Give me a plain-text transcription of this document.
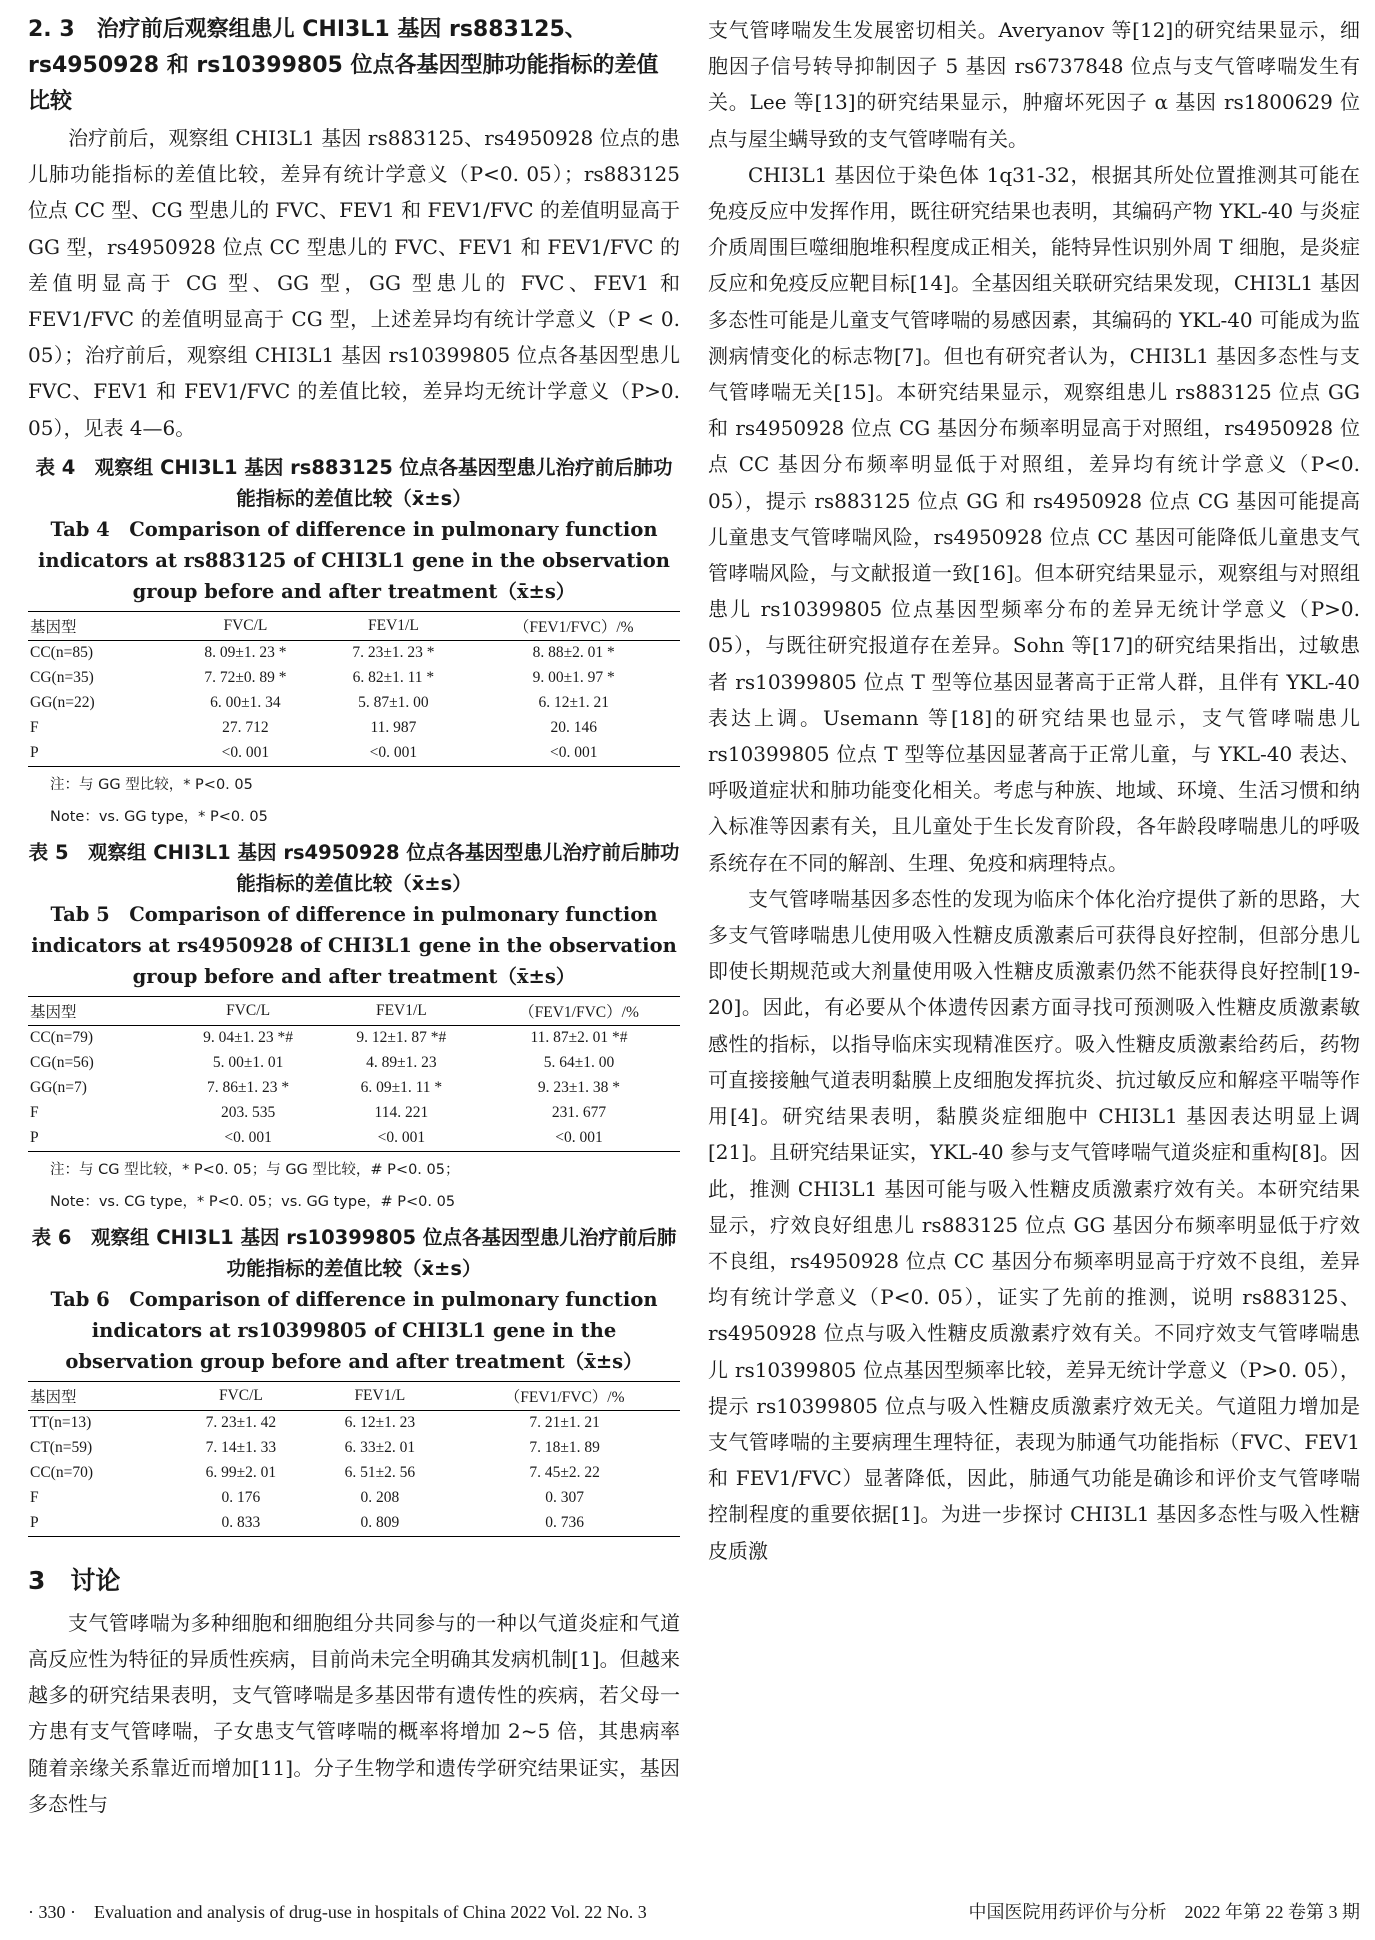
2. 3　治疗前后观察组患儿 CHI3L1 基因 rs883125、rs4950928 和 rs10399805 位点各基因型肺功能指标的差值比较

治疗前后，观察组 CHI3L1 基因 rs883125、rs4950928 位点的患儿肺功能指标的差值比较，差异有统计学意义（P<0. 05）；rs883125 位点 CC 型、CG 型患儿的 FVC、FEV1 和 FEV1/FVC 的差值明显高于 GG 型，rs4950928 位点 CC 型患儿的 FVC、FEV1 和 FEV1/FVC 的差值明显高于 CG 型、GG 型，GG 型患儿的 FVC、FEV1 和 FEV1/FVC 的差值明显高于 CG 型，上述差异均有统计学意义（P < 0. 05）；治疗前后，观察组 CHI3L1 基因 rs10399805 位点各基因型患儿 FVC、FEV1 和 FEV1/FVC 的差值比较，差异均无统计学意义（P>0. 05），见表 4—6。

表 4　观察组 CHI3L1 基因 rs883125 位点各基因型患儿治疗前后肺功能指标的差值比较（x̄±s）

Tab 4　Comparison of difference in pulmonary function indicators at rs883125 of CHI3L1 gene in the observation group before and after treatment（x̄±s）

基因型	FVC/L	FEV1/L	（FEV1/FVC）/%
CC(n=85)	8. 09±1. 23 *	7. 23±1. 23 *	8. 88±2. 01 *
CG(n=35)	7. 72±0. 89 *	6. 82±1. 11 *	9. 00±1. 97 *
GG(n=22)	6. 00±1. 34	5. 87±1. 00	6. 12±1. 21
F	27. 712	11. 987	20. 146
P	<0. 001	<0. 001	<0. 001
注：与 GG 型比较，* P<0. 05
Note：vs. GG type，* P<0. 05

表 5　观察组 CHI3L1 基因 rs4950928 位点各基因型患儿治疗前后肺功能指标的差值比较（x̄±s）

Tab 5　Comparison of difference in pulmonary function indicators at rs4950928 of CHI3L1 gene in the observation group before and after treatment（x̄±s）

基因型	FVC/L	FEV1/L	（FEV1/FVC）/%
CC(n=79)	9. 04±1. 23 *#	9. 12±1. 87 *#	11. 87±2. 01 *#
CG(n=56)	5. 00±1. 01	4. 89±1. 23	5. 64±1. 00
GG(n=7)	7. 86±1. 23 *	6. 09±1. 11 *	9. 23±1. 38 *
F	203. 535	114. 221	231. 677
P	<0. 001	<0. 001	<0. 001
注：与 CG 型比较，* P<0. 05；与 GG 型比较，# P<0. 05；
Note：vs. CG type，* P<0. 05；vs. GG type，# P<0. 05

表 6　观察组 CHI3L1 基因 rs10399805 位点各基因型患儿治疗前后肺功能指标的差值比较（x̄±s）

Tab 6　Comparison of difference in pulmonary function indicators at rs10399805 of CHI3L1 gene in the observation group before and after treatment（x̄±s）

基因型	FVC/L	FEV1/L	（FEV1/FVC）/%
TT(n=13)	7. 23±1. 42	6. 12±1. 23	7. 21±1. 21
CT(n=59)	7. 14±1. 33	6. 33±2. 01	7. 18±1. 89
CC(n=70)	6. 99±2. 01	6. 51±2. 56	7. 45±2. 22
F	0. 176	0. 208	0. 307
P	0. 833	0. 809	0. 736
3　讨论

支气管哮喘为多种细胞和细胞组分共同参与的一种以气道炎症和气道高反应性为特征的异质性疾病，目前尚未完全明确其发病机制[1]。但越来越多的研究结果表明，支气管哮喘是多基因带有遗传性的疾病，若父母一方患有支气管哮喘，子女患支气管哮喘的概率将增加 2~5 倍，其患病率随着亲缘关系靠近而增加[11]。分子生物学和遗传学研究结果证实，基因多态性与

支气管哮喘发生发展密切相关。Averyanov 等[12]的研究结果显示，细胞因子信号转导抑制因子 5 基因 rs6737848 位点与支气管哮喘发生有关。Lee 等[13]的研究结果显示，肿瘤坏死因子 α 基因 rs1800629 位点与屋尘螨导致的支气管哮喘有关。

CHI3L1 基因位于染色体 1q31-32，根据其所处位置推测其可能在免疫反应中发挥作用，既往研究结果也表明，其编码产物 YKL-40 与炎症介质周围巨噬细胞堆积程度成正相关，能特异性识别外周 T 细胞，是炎症反应和免疫反应靶目标[14]。全基因组关联研究结果发现，CHI3L1 基因多态性可能是儿童支气管哮喘的易感因素，其编码的 YKL-40 可能成为监测病情变化的标志物[7]。但也有研究者认为，CHI3L1 基因多态性与支气管哮喘无关[15]。本研究结果显示，观察组患儿 rs883125 位点 GG 和 rs4950928 位点 CG 基因分布频率明显高于对照组，rs4950928 位点 CC 基因分布频率明显低于对照组，差异均有统计学意义（P<0. 05），提示 rs883125 位点 GG 和 rs4950928 位点 CG 基因可能提高儿童患支气管哮喘风险，rs4950928 位点 CC 基因可能降低儿童患支气管哮喘风险，与文献报道一致[16]。但本研究结果显示，观察组与对照组患儿 rs10399805 位点基因型频率分布的差异无统计学意义（P>0. 05），与既往研究报道存在差异。Sohn 等[17]的研究结果指出，过敏患者 rs10399805 位点 T 型等位基因显著高于正常人群，且伴有 YKL-40 表达上调。Usemann 等[18]的研究结果也显示，支气管哮喘患儿 rs10399805 位点 T 型等位基因显著高于正常儿童，与 YKL-40 表达、呼吸道症状和肺功能变化相关。考虑与种族、地域、环境、生活习惯和纳入标准等因素有关，且儿童处于生长发育阶段，各年龄段哮喘患儿的呼吸系统存在不同的解剖、生理、免疫和病理特点。

支气管哮喘基因多态性的发现为临床个体化治疗提供了新的思路，大多支气管哮喘患儿使用吸入性糖皮质激素后可获得良好控制，但部分患儿即使长期规范或大剂量使用吸入性糖皮质激素仍然不能获得良好控制[19-20]。因此，有必要从个体遗传因素方面寻找可预测吸入性糖皮质激素敏感性的指标，以指导临床实现精准医疗。吸入性糖皮质激素给药后，药物可直接接触气道表明黏膜上皮细胞发挥抗炎、抗过敏反应和解痉平喘等作用[4]。研究结果表明，黏膜炎症细胞中 CHI3L1 基因表达明显上调[21]。且研究结果证实，YKL-40 参与支气管哮喘气道炎症和重构[8]。因此，推测 CHI3L1 基因可能与吸入性糖皮质激素疗效有关。本研究结果显示，疗效良好组患儿 rs883125 位点 GG 基因分布频率明显低于疗效不良组，rs4950928 位点 CC 基因分布频率明显高于疗效不良组，差异均有统计学意义（P<0. 05），证实了先前的推测，说明 rs883125、rs4950928 位点与吸入性糖皮质激素疗效有关。不同疗效支气管哮喘患儿 rs10399805 位点基因型频率比较，差异无统计学意义（P>0. 05），提示 rs10399805 位点与吸入性糖皮质激素疗效无关。气道阻力增加是支气管哮喘的主要病理生理特征，表现为肺通气功能指标（FVC、FEV1 和 FEV1/FVC）显著降低，因此，肺通气功能是确诊和评价支气管哮喘控制程度的重要依据[1]。为进一步探讨 CHI3L1 基因多态性与吸入性糖皮质激

· 330 ·　Evaluation and analysis of drug-use in hospitals of China 2022 Vol. 22 No. 3	中国医院用药评价与分析　2022 年第 22 卷第 3 期
